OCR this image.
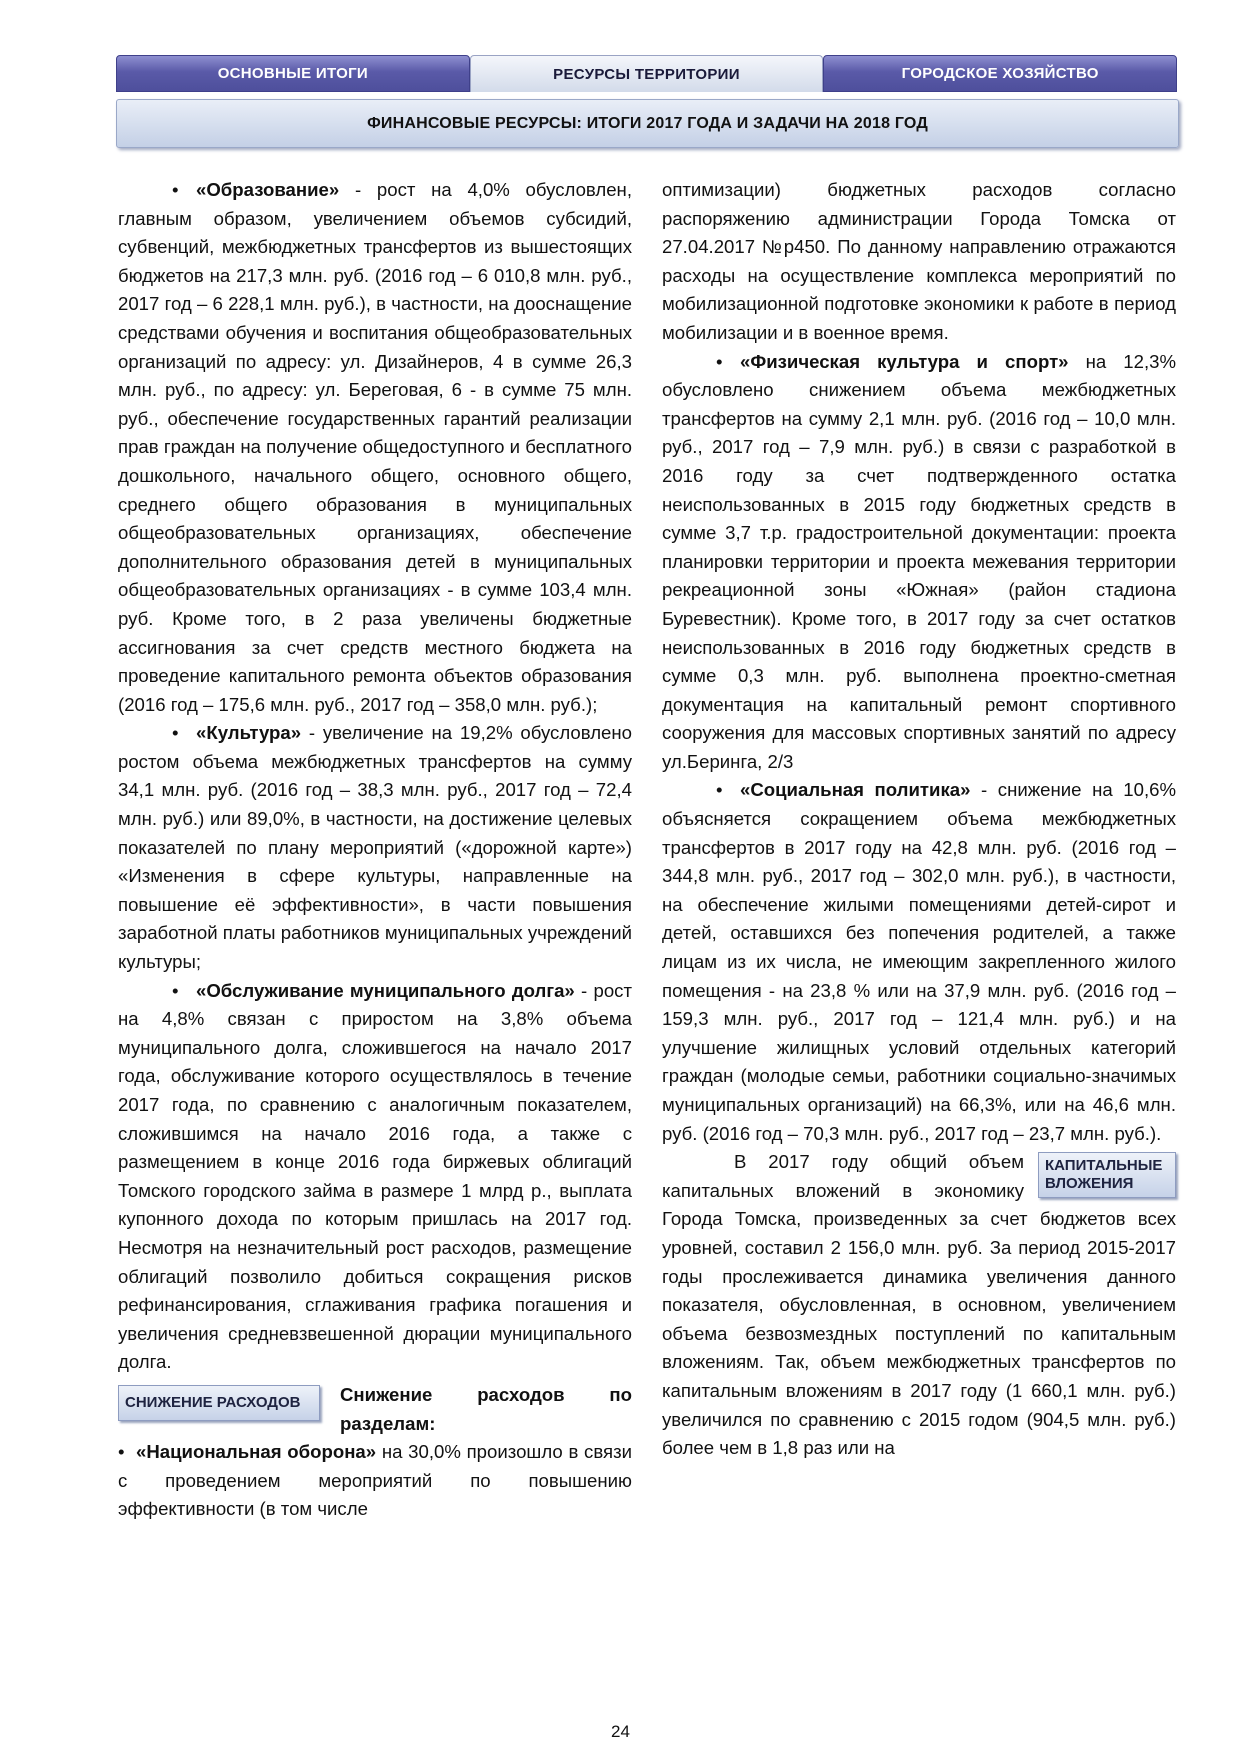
ОСНОВНЫЕ ИТОГИ	РЕСУРСЫ ТЕРРИТОРИИ	ГОРОДСКОЕ ХОЗЯЙСТВО
ФИНАНСОВЫЕ РЕСУРСЫ: ИТОГИ 2017 ГОДА И ЗАДАЧИ НА 2018 ГОД

• «Образование» - рост на 4,0% обусловлен, главным образом, увеличением объемов субсидий, субвенций, межбюджетных трансфертов из вышестоящих бюджетов на 217,3 млн. руб. (2016 год – 6 010,8 млн. руб., 2017 год – 6 228,1 млн. руб.), в частности, на дооснащение средствами обучения и воспитания общеобразовательных организаций по адресу: ул. Дизайнеров, 4 в сумме 26,3 млн. руб., по адресу: ул. Береговая, 6 - в сумме 75 млн. руб., обеспечение государственных гарантий реализации прав граждан на получение общедоступного и бесплатного дошкольного, начального общего, основного общего, среднего общего образования в муниципальных общеобразовательных организациях, обеспечение дополнительного образования детей в муниципальных общеобразовательных организациях - в сумме 103,4 млн. руб. Кроме того, в 2 раза увеличены бюджетные ассигнования за счет средств местного бюджета на проведение капитального ремонта объектов образования (2016 год – 175,6 млн. руб., 2017 год – 358,0 млн. руб.);

• «Культура» - увеличение на 19,2% обусловлено ростом объема межбюджетных трансфертов на сумму 34,1 млн. руб. (2016 год – 38,3 млн. руб., 2017 год – 72,4 млн. руб.) или 89,0%, в частности, на достижение целевых показателей по плану мероприятий («дорожной карте») «Изменения в сфере культуры, направленные на повышение её эффективности», в части повышения заработной платы работников муниципальных учреждений культуры;

• «Обслуживание муниципального долга» - рост на 4,8% связан с приростом на 3,8% объема муниципального долга, сложившегося на начало 2017 года, обслуживание которого осуществлялось в течение 2017 года, по сравнению с аналогичным показателем, сложившимся на начало 2016 года, а также с размещением в конце 2016 года биржевых облигаций Томского городского займа в размере 1 млрд р., выплата купонного дохода по которым пришлась на 2017 год. Несмотря на незначительный рост расходов, размещение облигаций позволило добиться сокращения рисков рефинансирования, сглаживания графика погашения и увеличения средневзвешенной дюрации муниципального долга.

СНИЖЕНИЕ РАСХОДОВ	Снижение расходов по разделам:

• «Национальная оборона» на 30,0% произошло в связи с проведением мероприятий по повышению эффективности (в том числе

оптимизации) бюджетных расходов согласно распоряжению администрации Города Томска от 27.04.2017 №р450. По данному направлению отражаются расходы на осуществление комплекса мероприятий по мобилизационной подготовке экономики к работе в период мобилизации и в военное время.

• «Физическая культура и спорт» на 12,3% обусловлено снижением объема межбюджетных трансфертов на сумму 2,1 млн. руб. (2016 год – 10,0 млн. руб., 2017 год – 7,9 млн. руб.) в связи с разработкой в 2016 году за счет подтвержденного остатка неиспользованных в 2015 году бюджетных средств в сумме 3,7 т.р. градостроительной документации: проекта планировки территории и проекта межевания территории рекреационной зоны «Южная» (район стадиона Буревестник). Кроме того, в 2017 году за счет остатков неиспользованных в 2016 году бюджетных средств в сумме 0,3 млн. руб. выполнена проектно-сметная документация на капитальный ремонт спортивного сооружения для массовых спортивных занятий по адресу ул.Беринга, 2/3

• «Социальная политика» - снижение на 10,6% объясняется сокращением объема межбюджетных трансфертов в 2017 году на 42,8 млн. руб. (2016 год – 344,8 млн. руб., 2017 год – 302,0 млн. руб.), в частности, на обеспечение жилыми помещениями детей-сирот и детей, оставшихся без попечения родителей, а также лицам из их числа, не имеющим закрепленного жилого помещения - на 23,8 % или на 37,9 млн. руб. (2016 год – 159,3 млн. руб., 2017 год – 121,4 млн. руб.) и на улучшение жилищных условий отдельных категорий граждан (молодые семьи, работники социально-значимых муниципальных организаций) на 66,3%, или на 46,6 млн. руб. (2016 год – 70,3 млн. руб., 2017 год – 23,7 млн. руб.).

КАПИТАЛЬНЫЕ ВЛОЖЕНИЯ

В 2017 году общий объем капитальных вложений в экономику Города Томска, произведенных за счет бюджетов всех уровней, составил 2 156,0 млн. руб. За период 2015-2017 годы прослеживается динамика увеличения данного показателя, обусловленная, в основном, увеличением объема безвозмездных поступлений по капитальным вложениям. Так, объем межбюджетных трансфертов по капитальным вложениям в 2017 году (1 660,1 млн. руб.) увеличился по сравнению с 2015 годом (904,5 млн. руб.) более чем в 1,8 раз или на

24
